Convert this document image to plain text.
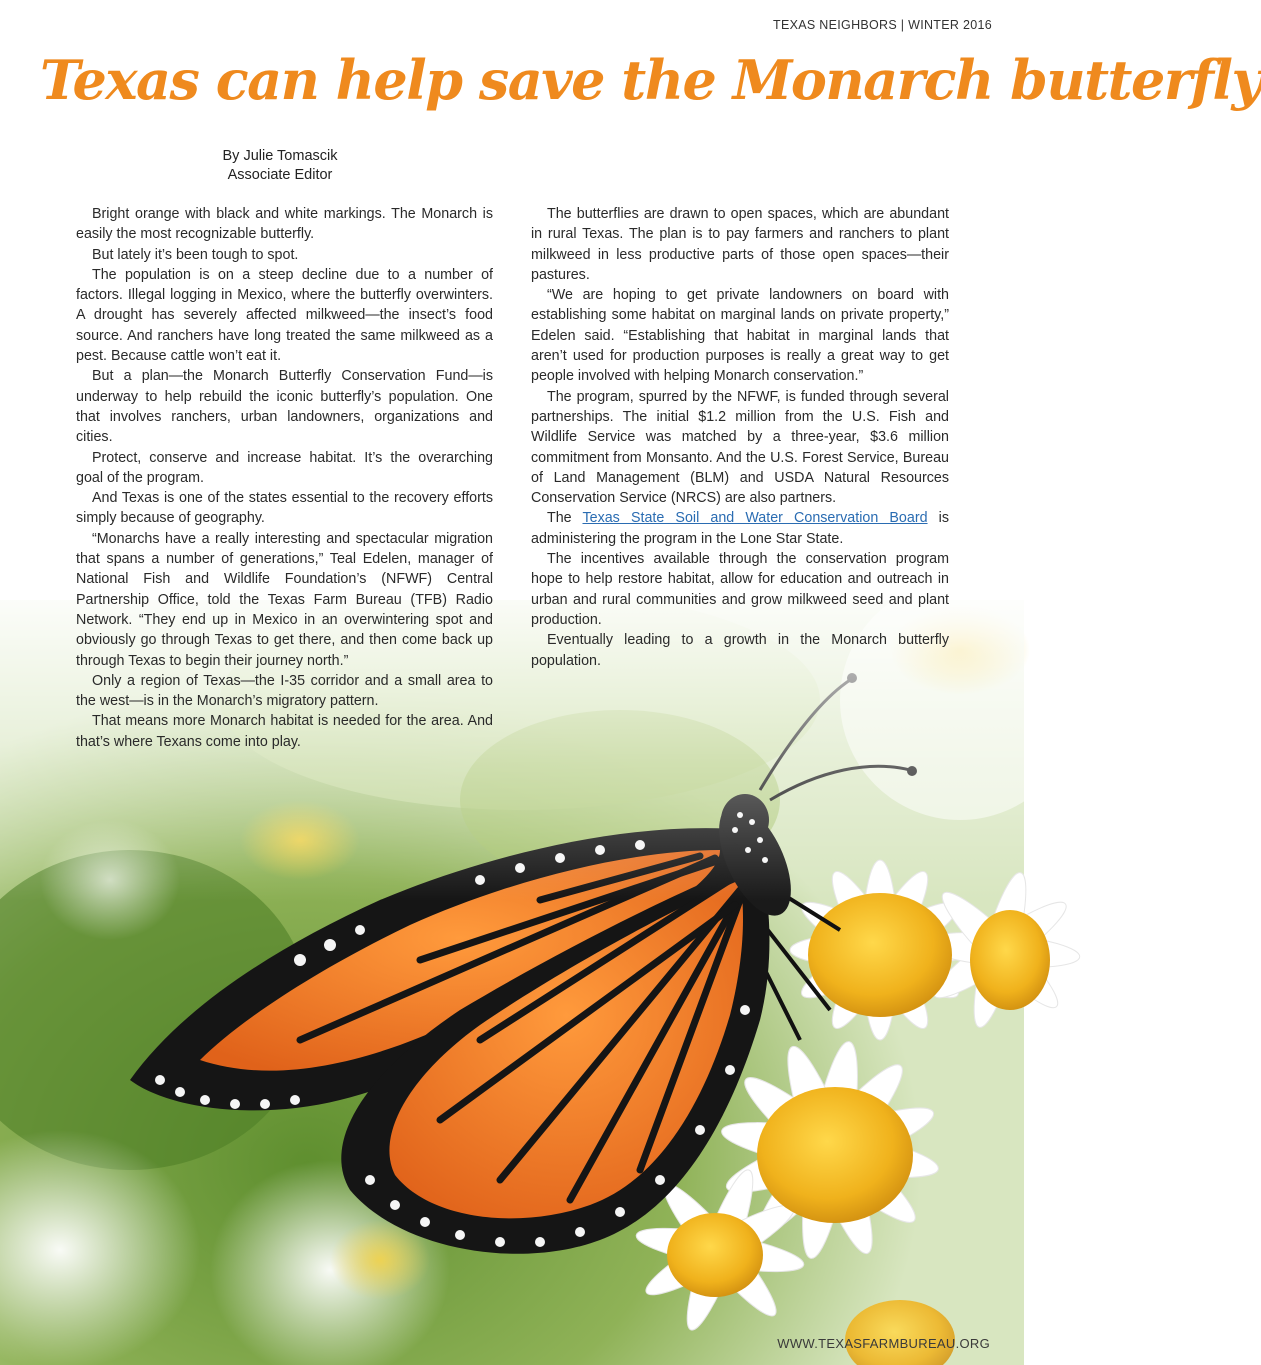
TEXAS NEIGHBORS | WINTER 2016
Texas can help save the Monarch butterfly
By Julie Tomascik
Associate Editor

Bright orange with black and white markings. The Monarch is easily the most recognizable butterfly.

But lately it’s been tough to spot.

The population is on a steep decline due to a number of factors. Illegal logging in Mexico, where the butterfly overwinters. A drought has severely affected milkweed—the insect’s food source. And ranchers have long treated the same milkweed as a pest. Because cattle won’t eat it.

But a plan—the Monarch Butterfly Conservation Fund—is underway to help rebuild the iconic butterfly’s population. One that involves ranchers, urban landowners, organizations and cities.

Protect, conserve and increase habitat. It’s the overarching goal of the program.

And Texas is one of the states essential to the recovery efforts simply because of geography.

“Monarchs have a really interesting and spectacular migration that spans a number of generations,” Teal Edelen, manager of National Fish and Wildlife Foundation’s (NFWF) Central Partnership Office, told the Texas Farm Bureau (TFB) Radio Network. “They end up in Mexico in an overwintering spot and obviously go through Texas to get there, and then come back up through Texas to begin their journey north.”

Only a region of Texas—the I-35 corridor and a small area to the west—is in the Monarch’s migratory pattern.

That means more Monarch habitat is needed for the area. And that’s where Texans come into play.

The butterflies are drawn to open spaces, which are abundant in rural Texas. The plan is to pay farmers and ranchers to plant milkweed in less productive parts of those open spaces—their pastures.

“We are hoping to get private landowners on board with establishing some habitat on marginal lands on private property,” Edelen said. “Establishing that habitat in marginal lands that aren’t used for production purposes is really a great way to get people involved with helping Monarch conservation.”

The program, spurred by the NFWF, is funded through several partnerships. The initial $1.2 million from the U.S. Fish and Wildlife Service was matched by a three-year, $3.6 million commitment from Monsanto. And the U.S. Forest Service, Bureau of Land Management (BLM) and USDA Natural Resources Conservation Service (NRCS) are also partners.

The Texas State Soil and Water Conservation Board is administering the program in the Lone Star State.

The incentives available through the conservation program hope to help restore habitat, allow for education and outreach in urban and rural communities and grow milkweed seed and plant production.

Eventually leading to a growth in the Monarch butterfly population.

WWW.TEXASFARMBUREAU.ORG
